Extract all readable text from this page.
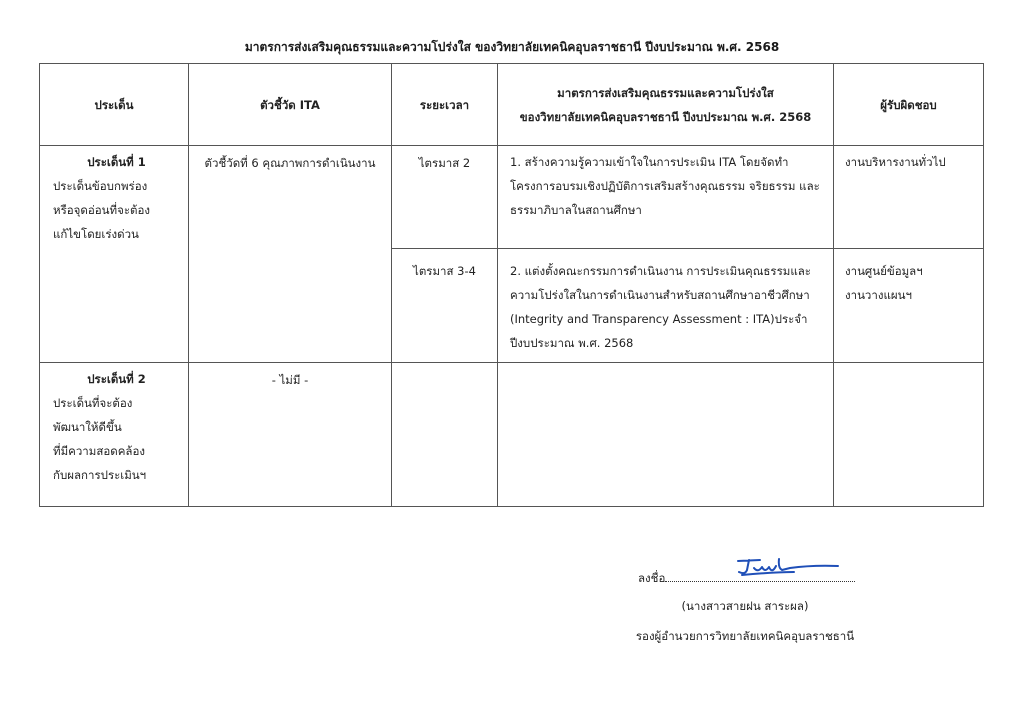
มาตรการส่งเสริมคุณธรรมและความโปร่งใส ของวิทยาลัยเทคนิคอุบลราชธานี ปีงบประมาณ พ.ศ. 2568
ประเด็น	ตัวชี้วัด ITA	ระยะเวลา	มาตรการส่งเสริมคุณธรรมและความโปร่งใส
ของวิทยาลัยเทคนิคอุบลราชธานี ปีงบประมาณ พ.ศ. 2568	ผู้รับผิดชอบ

ประเด็นที่ 1
ประเด็นข้อบกพร่อง
หรือจุดอ่อนที่จะต้อง
แก้ไขโดยเร่งด่วน	ตัวชี้วัดที่ 6 คุณภาพการดำเนินงาน	ไตรมาส 2	1. สร้างความรู้ความเข้าใจในการประเมิน ITA โดยจัดทำโครงการอบรมเชิงปฏิบัติการเสริมสร้างคุณธรรม จริยธรรม และธรรมาภิบาลในสถานศึกษา	งานบริหารงานทั่วไป
		ไตรมาส 3-4	2. แต่งตั้งคณะกรรมการดำเนินงาน การประเมินคุณธรรมและความโปร่งใสในการดำเนินงานสำหรับสถานศึกษาอาชีวศึกษา (Integrity and Transparency Assessment : ITA)ประจำปีงบประมาณ พ.ศ. 2568	งานศูนย์ข้อมูลฯ
งานวางแผนฯ

ประเด็นที่ 2
ประเด็นที่จะต้อง
พัฒนาให้ดีขึ้น
ที่มีความสอดคล้อง
กับผลการประเมินฯ	- ไม่มี -			
ลงชื่อ
(นางสาวสายฝน สาระผล)
รองผู้อำนวยการวิทยาลัยเทคนิคอุบลราชธานี
